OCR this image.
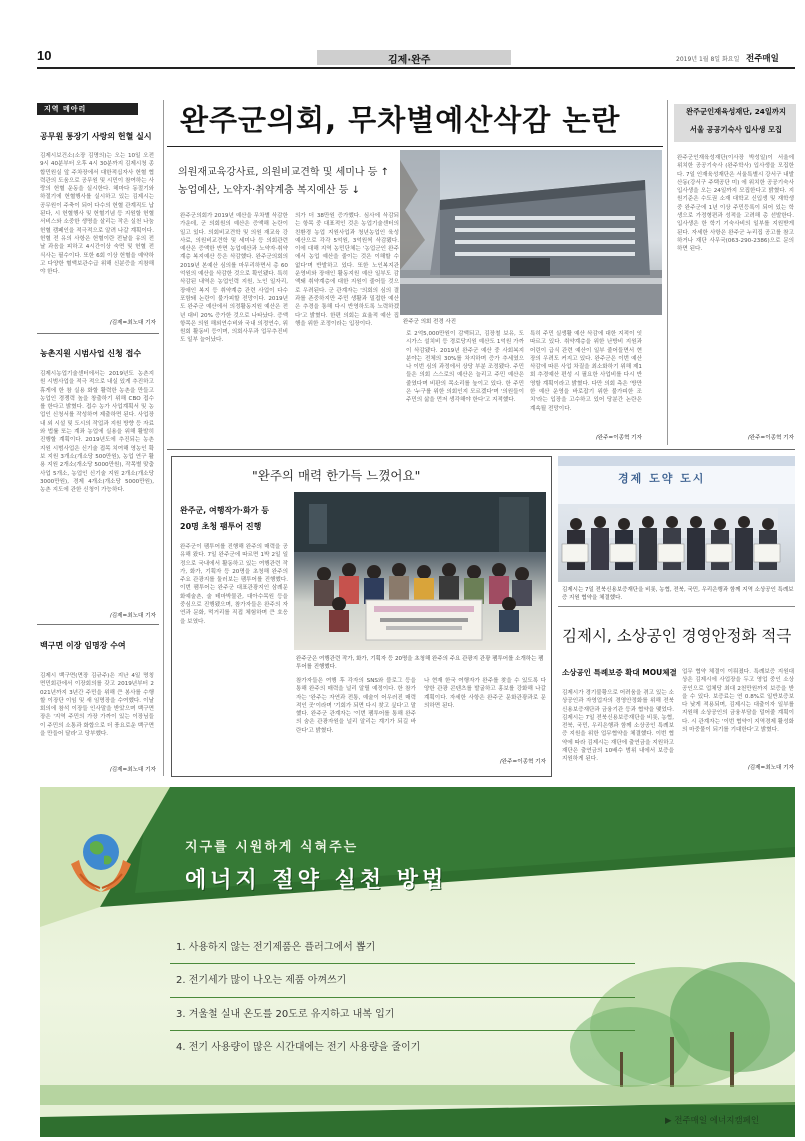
10	김제·완주	2019년 1월 8일 화요일 전주매일
지역 메아리
공무원 통장기 사랑의 헌혈 실시
김제시보건소(소장 김명의)는 오는 10일 오전 9시 40분부터 오후 4시 30분까지 김제시청 종합민원실 앞 주차장에서 대한적십자사 헌혈 협력관의 도움으로 공무원 및 시민이 참여하는 사랑의 헌혈 운동을 실시한다. 헤마다 동절기와 하절기에 헌혈행사를 실시하고 있는 김제시는 공무원이 주축이 되어 다수의 헌혈 관계직도 납된다, 시 헌혈행사 및 헌혈기념 등 지원할 헌혈서비스와 소중한 생명을 살리는 작은 실천 나눔 헌혈 캠페인을 적극적으로 알려 나갈 계획이다. 헌혈 전 유의 사항은 헌혈이란 전날을 유의 전날 과음을 피하고 4시간이상 숙면 및 헌혈 전 식사는 필수이다. 또한 6회 이상 헌혈을 예약하고 다양한 혈액보관수급 위해 신분증을 지참해야 한다.
/김제=최노대 기자
농촌지원 시범사업 신청 접수
김제시농업기술센터에서는 2019년도 농촌지원 시범사업을 적극 적으로 내실 있게 추진하고 휴게에 한 참 실용 화할 활력한 농촌을 만들고 농업인 경쟁력 높을 창출하기 위해 CBO 접수를 한다고 밝혔다. 접수 농가 사업계획서 및 농업인 신청서를 작성하여 제출하면 된다. 사업장 내 외 시설 및 도시의 작업과 지원 방향 등 자료와 법률 또는 계좌 농업에 실용을 위해 활발히 진행할 계획이다. 2019년도에 추진되는 농촌지원 시범사업은 신기술 접목 치여해 영농인 확보 지원 3개소(개소당 500만원), 농업 연구 활용 지원 2개소(개소당 5000만원), 작목별 맞춤 사업 5개소, 농업인 신기술 지원 2개소(개소당 3000만원), 경제 4개소(개소당 5000만원), 농촌 지도에 관한 신청이 가능하다.
/김제=최노대 기자
백구면 이장 임명장 수여
김제시 백구면(면장 김규주)은 지난 4일 명칭 면민회관에서 이장회의를 갖고 2019년부터 2021년까지 3년간 주민을 위해 큰 봉사를 수행할 이장단 이임 및 새 임명장을 수여했다. 이날 회의에 참석 이장들 인사말을 받았으며 백구면장은 '지역 주민의 가장 가까이 있는 이장님들이 주민의 소통과 화합으로 더 풍요로운 백구면을 만들어 달라'고 당부했다.
/김제=최노대 기자
완주군의회, 무차별예산삭감 논란
의원재교육강사료, 의원비교견학 및 세미나 등 ↑
농업예산, 노약자·취약계층 복지예산 등 ↓
완주군 의회 전경 사진
완주군의회가 2019년 예산을 무차별 삭감한 가운데, 군 의회원의 예산은 증액해 논란이 일고 있다. 의회비교견학 및 의원 재교육 강사료, 의원비교견학 및 세미나 등 의회관련 예산은 증액한 반면 농업예산과 노약자·취약계층 복지예산 등은 삭감했다. 완주군의회의 2019년 본예산 심의를 마무리하면서 총 60억원의 예산을 삭감한 것으로 확인됐다. 특히 삭감된 내역은 농업인력 지원, 노인 일자리, 장애인 복지 등 취약계층 관련 사업이 다수 포함돼 논란이 불가피할 전망이다. 2019년도 완주군 예산에서 의정활동지원 예산은 전년 대비 20% 증가한 것으로 나타났다. 증액 항목은 의원 해외연수비와 국내 의정연수, 위원회 활동비 등이며, 의회사무과 업무추진비도 일부 늘어났다.
의가 더 38만원 증가했다. 심사에 삭감되는 항목 중 대표적인 것은 농업기술센터의 친환경 농업 지원사업과 청년농업인 육성 예산으로 각각 5억원, 3억원씩 삭감됐다. 이에 대해 지역 농민단체는 '농업군인 완주에서 농업 예산을 줄이는 것은 이해할 수 없다'며 반발하고 있다. 또한 노인복지관 운영비와 장애인 활동지원 예산 일부도 감액돼 취약계층에 대한 지원이 줄어들 것으로 우려된다. 군 관계자는 '의회의 심의 결과를 존중하지만 주민 생활과 밀접한 예산은 추경을 통해 다시 반영하도록 노력하겠다'고 밝혔다. 한편 의회는 효율적 예산 집행을 위한 조정이라는 입장이다.
로 2억5,000만원이 감액되고, 김장철 보유, 도시가스 설치비 등 경로당지원 예산도 1억원 가까이 삭감됐다. 2019년 완주군 예산 중 사회복지 분야는 전체의 30%를 차지하며 증가 추세였으나 이번 심의 과정에서 상당 부분 조정됐다. 주민들은 의회 스스로의 예산은 늘리고 주민 예산은 줄였다며 비판의 목소리를 높이고 있다. 한 주민은 '누구를 위한 의회인지 모르겠다'며 '의원들이 주민의 삶을 먼저 생각해야 한다'고 지적했다.
특히 주민 실생활 예산 삭감에 대한 지적이 잇따르고 있다. 취약계층을 위한 난방비 지원과 어린이 급식 관련 예산이 일부 줄어들면서 현장의 우려도 커지고 있다. 완주군은 이번 예산 삭감에 따른 사업 차질을 최소화하기 위해 제1회 추경예산 편성 시 필요한 사업비를 다시 반영할 계획이라고 밝혔다. 다만 의회 측은 '방만한 예산 운영을 바로잡기 위한 불가피한 조치'라는 입장을 고수하고 있어 당분간 논란은 계속될 전망이다.
/완주=이종혁 기자
완주군인재육성재단, 24일까지
서울 공공기숙사 입사생 모집
완주군인재육성재단(이사장 박성일)이 서울에 위치한 공공기숙사 (완주학사) 입사생을 모집한다. 7일 인재육성재단은 서울특별시 강서구 내발산동(강서구 주택공단 미) 에 위치한 공공기숙사 입사생을 오는 24일까지 모집한다고 밝혔다. 지원기준은 수도권 소재 대학교 신입생 및 재학생 중 완주군에 1년 이상 주민등록이 되어 있는 학생으로 가정형편과 성적을 고려해 총 선발한다. 입사생은 한 학기 기숙사비의 일부를 지원받게 된다. 자세한 사항은 완주군 누리집 공고를 참고하거나 재단 사무국(063-290-2386)으로 문의하면 된다.
/완주=이종혁 기자
"완주의 매력 한가득 느꼈어요"
완주군, 여행작가·화가 등
20명 초청 팸투어 진행
완주군이 팸투어를 진행해 완주의 매력을 공유해 왔다. 7일 완주군에 따르면 1박 2일 일정으로 국내에서 활동하고 있는 여행관련 작가, 화가, 기획자 등 20명을 초청해 완주의 주요 관광지를 둘러보는 팸투어를 진행했다. 이번 팸투어는 완주군 대표관광지인 삼례문화예술촌, 술 테마박물관, 대아수목원 등을 중심으로 진행됐으며, 참가자들은 완주의 자연과 문화, 먹거리를 직접 체험하며 큰 호응을 보였다.
완주군은 여행관련 작가, 화가, 기획자 등 20명을 초청해 완주의 주요 관광지 관광 팸투어를 소개하는 팸투어를 진행했다.
참가자들은 여행 후 각자의 SNS와 블로그 등을 통해 완주의 매력을 널리 알릴 예정이다. 한 참가자는 '완주는 자연과 전통, 예술이 어우러진 매력적인 곳'이라며 '기회가 되면 다시 찾고 싶다'고 말했다. 완주군 관계자는 '이번 팸투어를 통해 완주의 숨은 관광자원을 널리 알리는 계기가 되길 바란다'고 밝혔다.
나 현재 한국 여행자가 완주를 찾을 수 있도록 다양한 관광 콘텐츠를 발굴하고 홍보를 강화해 나갈 계획이다. 자세한 사항은 완주군 문화관광과로 문의하면 된다.
/완주=이종혁 기자
경제 도약 도시
김제시는 7일 전북신용보증재단을 비롯, 농협, 전북, 국민, 우리은행과 함께 지역 소상공인 특례보증 지원 협약을 체결했다.
김제시, 소상공인 경영안정화 적극
소상공인 특례보증 확대 MOU체결
김제시가 경기불황으로 어려움을 겪고 있는 소상공인과 자영업자의 경영안정화를 위해 전북신용보증재단과 금융기관 등과 협약을 맺었다. 김제시는 7일 전북신용보증재단을 비롯, 농협, 전북, 국민, 우리은행과 함께 소상공인 특례보증 지원을 위한 업무협약을 체결했다. 이번 협약에 따라 김제시는 재단에 출연금을 지원하고 재단은 출연금의 10배수 범위 내에서 보증을 지원하게 된다.
업무 협약 체결이 이뤄졌다. 특례보증 지원대상은 김제시에 사업장을 두고 영업 중인 소상공인으로 업체당 최대 2천만원까지 보증을 받을 수 있다. 보증료는 연 0.8%로 일반보증보다 낮게 적용되며, 김제시는 대출이자 일부를 지원해 소상공인의 금융부담을 덜어줄 계획이다. 시 관계자는 '이번 협약이 지역경제 활성화의 마중물이 되기를 기대한다'고 밝혔다.
/김제=최노대 기자
지구를 시원하게 식혀주는
에너지 절약 실천 방법
1. 사용하지 않는 전기제품은 플러그에서 뽑기
2. 전기세가 많이 나오는 제품 아껴쓰기
3. 겨울철 실내 온도를 20도로 유지하고 내복 입기
4. 전기 사용량이 많은 시간대에는 전기 사용량을 줄이기
▶ 전주매일 에너지캠페인
